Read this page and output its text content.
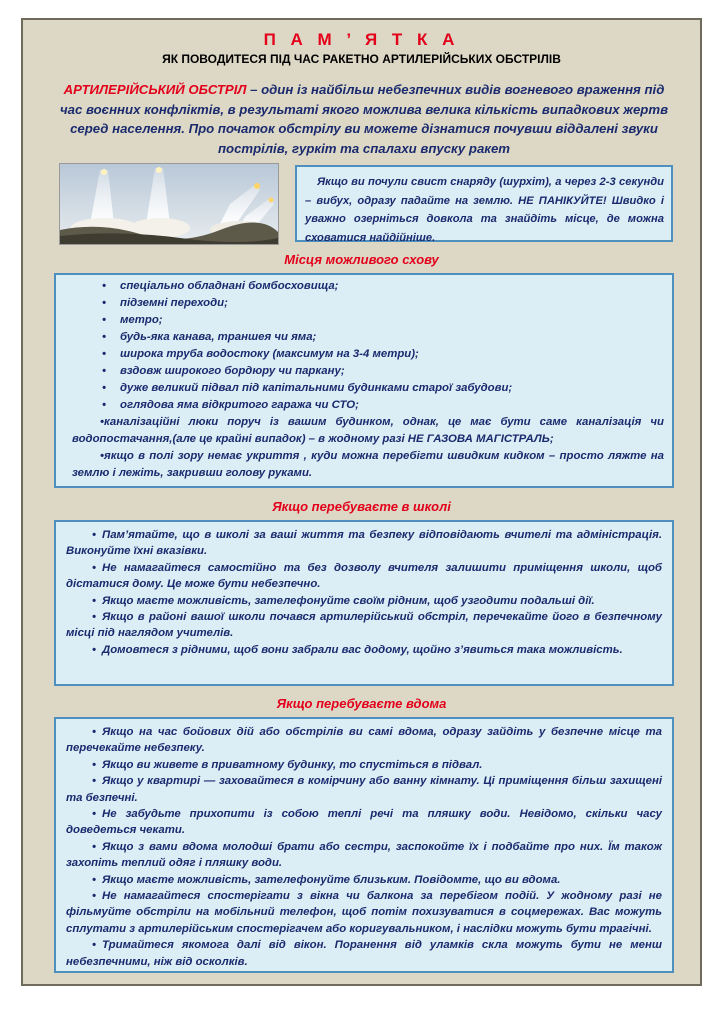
П А М ’ Я Т К А
ЯК ПОВОДИТЕСЯ ПІД ЧАС РАКЕТНО АРТИЛЕРІЙСЬКИХ ОБСТРІЛІВ

АРТИЛЕРІЙСЬКИЙ ОБСТРІЛ – один із найбільш небезпечних видів вогневого враження під час воєнних конфліктів, в результаті якого можлива велика кількість випадкових жертв серед населення. Про початок обстрілу ви можете дізнатися почувши віддалені звуки пострілів, гуркіт та спалахи впуску ракет

Якщо ви почули свист снаряду (шурхіт), а через 2-3 секунди – вибух, одразу падайте на землю. НЕ ПАНІКУЙТЕ! Швидко і уважно озерніться довкола та знайдіть місце, де можна сховатися найдійніше.
Місця можливого схову
• спеціально обладнані бомбосховища;
• підземні переходи;
• метро;
• будь-яка канава, траншея чи яма;
• широка труба водостоку (максимум на 3-4 метри);
• вздовж широкого бордюру чи паркану;
• дуже великий підвал під капітальними будинками старої забудови;
• оглядова яма відкритого гаража чи СТО;
•каналізаційні люки поруч із вашим будинком, однак, це має бути саме каналізація чи водопостачання,(але це крайні випадок) – в жодному разі НЕ ГАЗОВА МАГІСТРАЛЬ;
•якщо в полі зору немає укриття , куди можна перебігти швидким кидком – просто ляжте на землю і лежіть, закривши голову руками.
Якщо перебуваєте в школі

• Пам’ятайте, що в школі за ваші життя та безпеку відповідають вчителі та адміністрація. Виконуйте їхні вказівки.

• Не намагайтеся самостійно та без дозволу вчителя залишити приміщення школи, щоб дістатися дому. Це може бути небезпечно.

• Якщо маєте можливість, зателефонуйте своїм рідним, щоб узгодити подальші дії.

• Якщо в районі вашої школи почався артилерійський обстріл, перечекайте його в безпечному місці під наглядом учителів.

• Домовтеся з рідними, щоб вони забрали вас додому, щойно з’явиться така можливість.

Якщо перебуваєте вдома

• Якщо на час бойових дій або обстрілів ви самі вдома, одразу зайдіть у безпечне місце та перечекайте небезпеку.

• Якщо ви живете в приватному будинку, то спустіться в підвал.

• Якщо у квартирі — заховайтеся в комірчину або ванну кімнату. Ці приміщення більш захищені та безпечні.

• Не забудьте прихопити із собою теплі речі та пляшку води. Невідомо, скільки часу доведеться чекати.

• Якщо з вами вдома молодші брати або сестри, заспокойте їх і подбайте про них. Їм також захопіть теплий одяг і пляшку води.

• Якщо маєте можливість, зателефонуйте близьким. Повідомте, що ви вдома.

• Не намагайтеся спостерігати з вікна чи балкона за перебігом подій. У жодному разі не фільмуйте обстріли на мобільний телефон, щоб потім похизуватися в соцмережах. Вас можуть сплутати з артилерійським спостерігачем або коригувальником, і наслідки можуть бути трагічні.

• Тримайтеся якомога далі від вікон. Поранення від уламків скла можуть бути не менш небезпечними, ніж від осколків.
